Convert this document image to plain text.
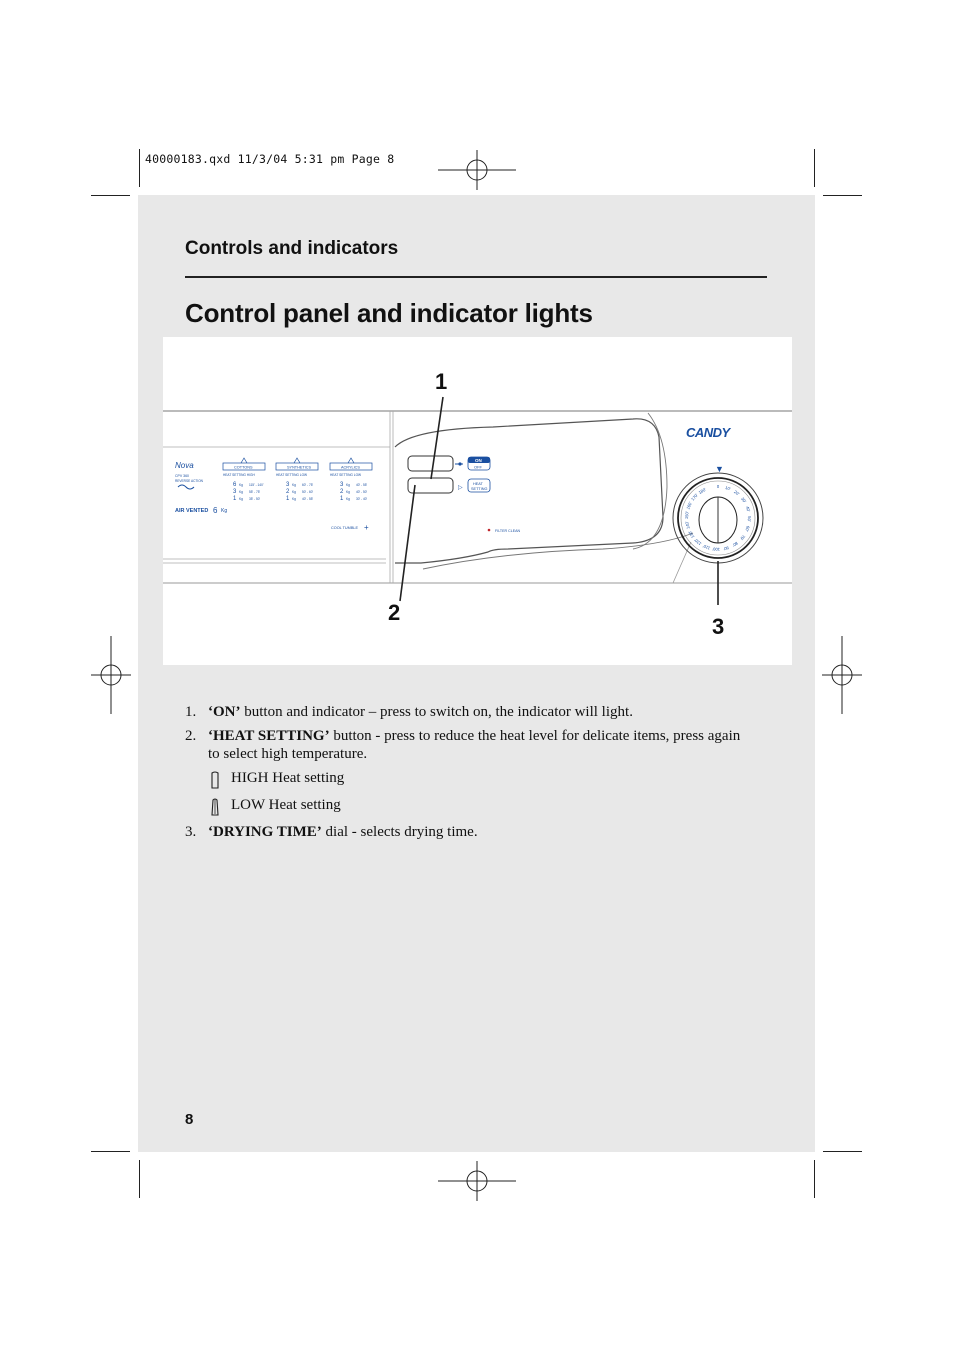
40000183.qxd 11/3/04 5:31 pm Page 8
Controls and indicators
Control panel and indicator lights
Nova
CPV 360
REVERSE ACTION
AIR VENTED 6 Kg
COTTONS
HEAT SETTING HIGH
6 Kg 115' - 140'
3 Kg 55' - 75'
1 Kg 35' - 50'
SYNTHETICS
HEAT SETTING LOW
3 Kg 60' - 75'
2 Kg 50' - 60'
1 Kg 40' - 55'
ACRYLICS
HEAT SETTING LOW
3 Kg 40' - 55'
2 Kg 40' - 50'
1 Kg 30' - 40'
COOL TUMBLE +
▷
ON
OFF
HEAT
SETTING
FILTER CLEAN
CANDY
▼
0 10'
20'
30'
40'
50'
60'
70'
80'
90'
100'
110'
120'
130'
140'
150'
160'
170'
180'
1
2
3
1. ‘ON’ button and indicator – press to switch on, the indicator will light.
2. ‘HEAT SETTING’ button - press to reduce the heat level for delicate items, press again to select high temperature.
HIGH Heat setting
LOW Heat setting
3. ‘DRYING TIME’ dial - selects drying time.
8
